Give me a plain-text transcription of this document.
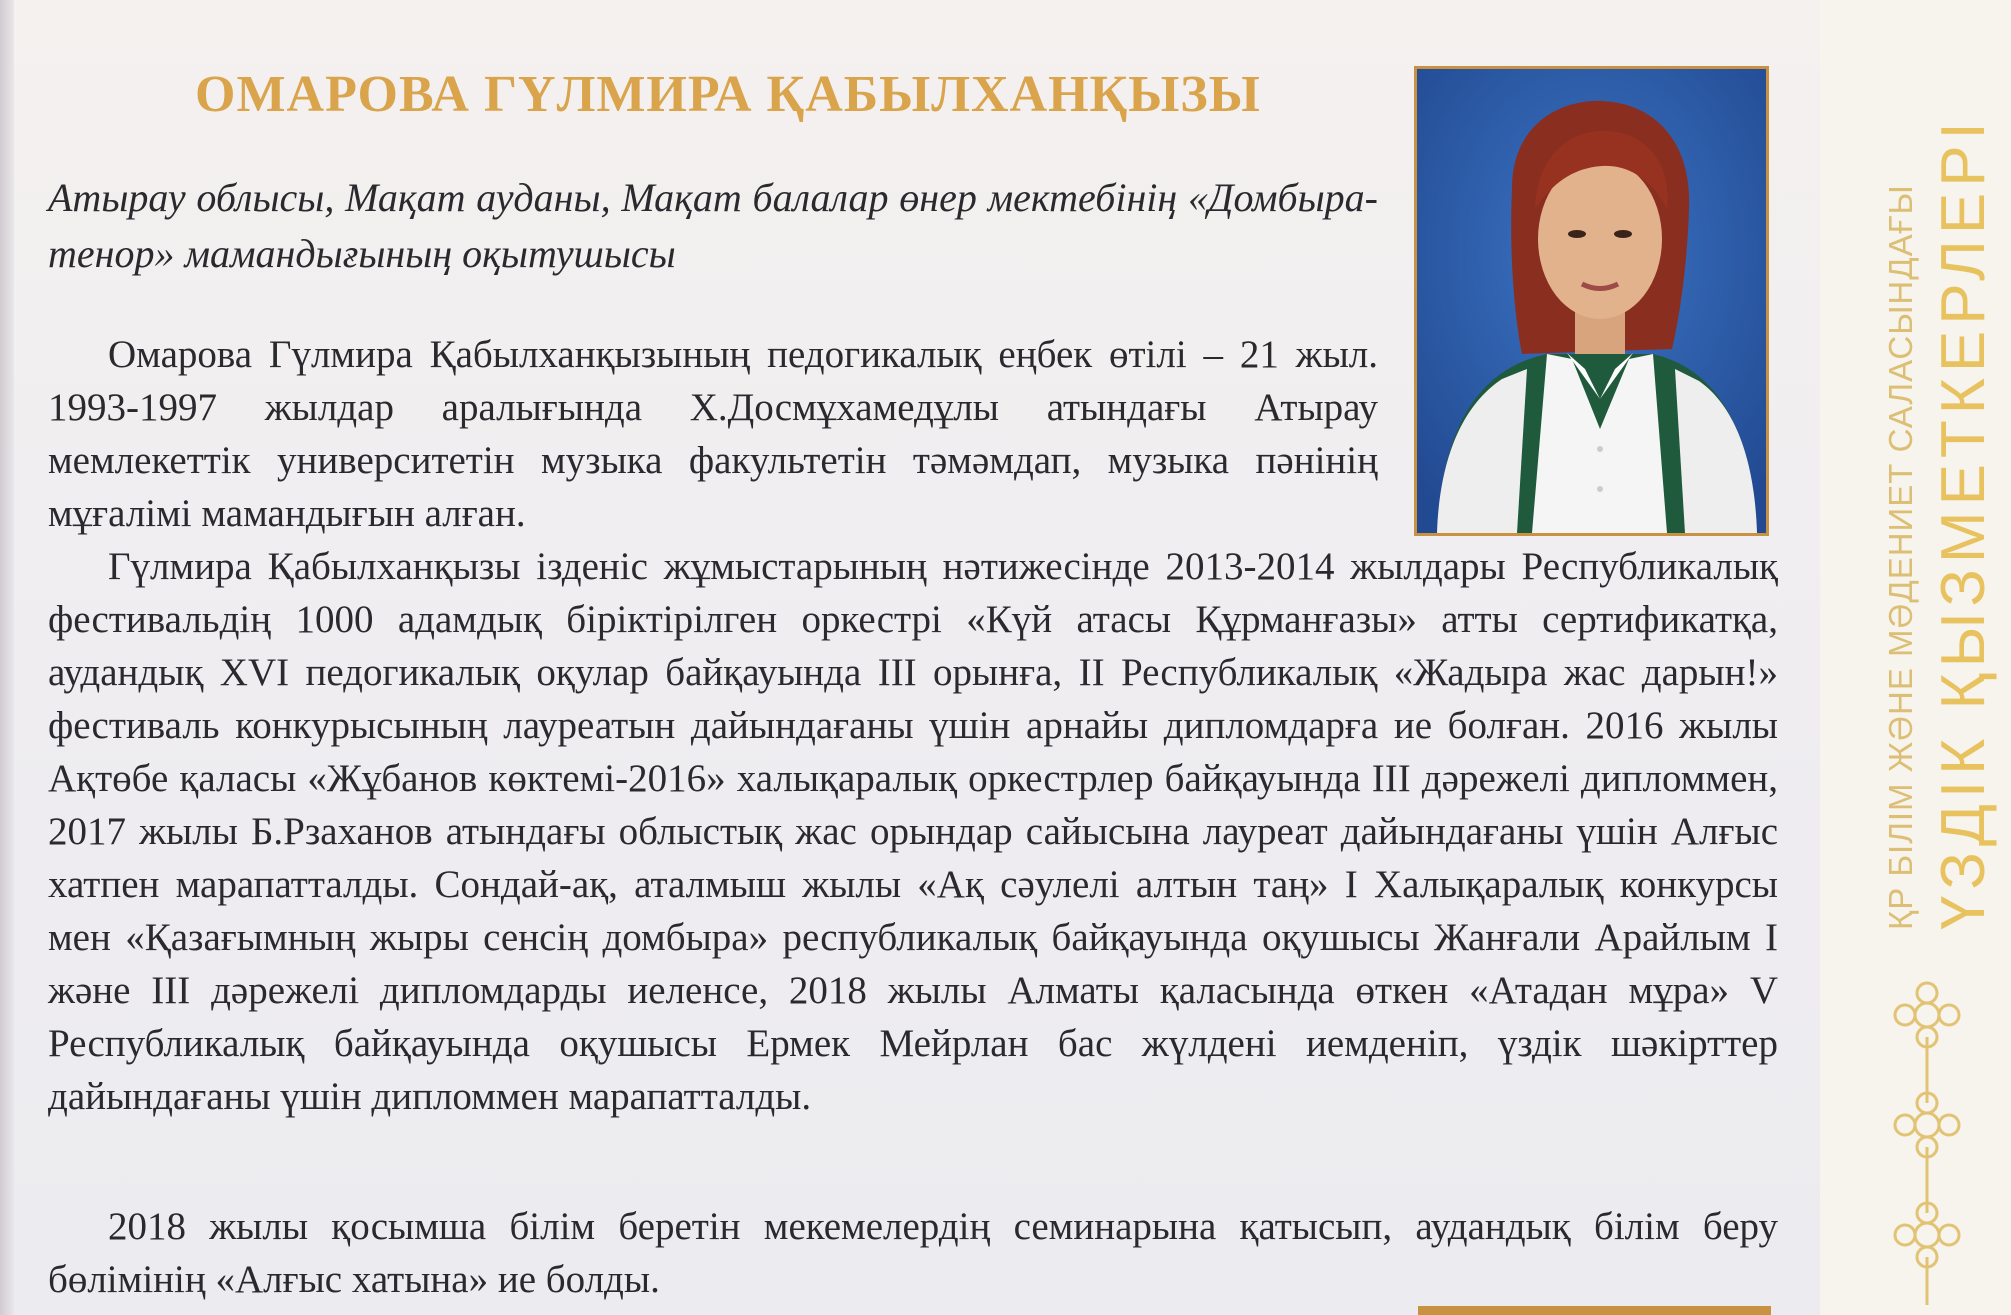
ОМАРОВА ГҮЛМИРА ҚАБЫЛХАНҚЫЗЫ
Атырау облысы, Мақат ауданы, Мақат балалар өнер мектебінің «Домбыра-тенор» мамандығының оқытушысы

Омарова Гүлмира Қабылханқызының педогикалық еңбек өтілі – 21 жыл. 1993-1997 жылдар аралығында Х.Досмұхамедұлы атындағы Атырау мемлекеттік университетін музыка факультетін тәмәмдап, музыка пәнінің мұғалімі мамандығын алған.

Гүлмира Қабылханқызы ізденіс жұмыстарының нәтижесінде 2013-2014 жылдары Республикалық фестивальдің 1000 адамдық біріктірілген оркестрі «Күй атасы Құрманғазы» атты сертификатқа, аудандық XVI педогикалық оқулар байқауында III орынға, II Республикалық «Жадыра жас дарын!» фестиваль конкурысының лауреатын дайындағаны үшін арнайы дипломдарға ие болған. 2016 жылы Ақтөбе қаласы «Жұбанов көктемі-2016» халықаралық оркестрлер байқауында III дәрежелі дипломмен, 2017 жылы Б.Рзаханов атындағы облыстық жас орындар сайысына лауреат дайындағаны үшін Алғыс хатпен марапатталды. Сондай-ақ, аталмыш жылы «Ақ сәулелі алтын таң» I Халықаралық конкурсы мен «Қазағымның жыры сенсің домбыра» республикалық байқауында оқушысы Жанғали Арайлым I және III дәрежелі дипломдарды иеленсе, 2018 жылы Алматы қаласында өткен «Атадан мұра» V Республикалық байқауында оқушысы Ермек Мейрлан бас жүлдені иемденіп, үздік шәкірттер дайындағаны үшін дипломмен марапатталды.

2018 жылы қосымша білім беретін мекемелердің семинарына қатысып, аудандық білім беру бөлімінің «Алғыс хатына» ие болды.

ҚР БІЛІМ ЖӘНЕ МӘДЕНИЕТ САЛАСЫНДАҒЫ ҮЗДІК ҚЫЗМЕТКЕРЛЕРІ
